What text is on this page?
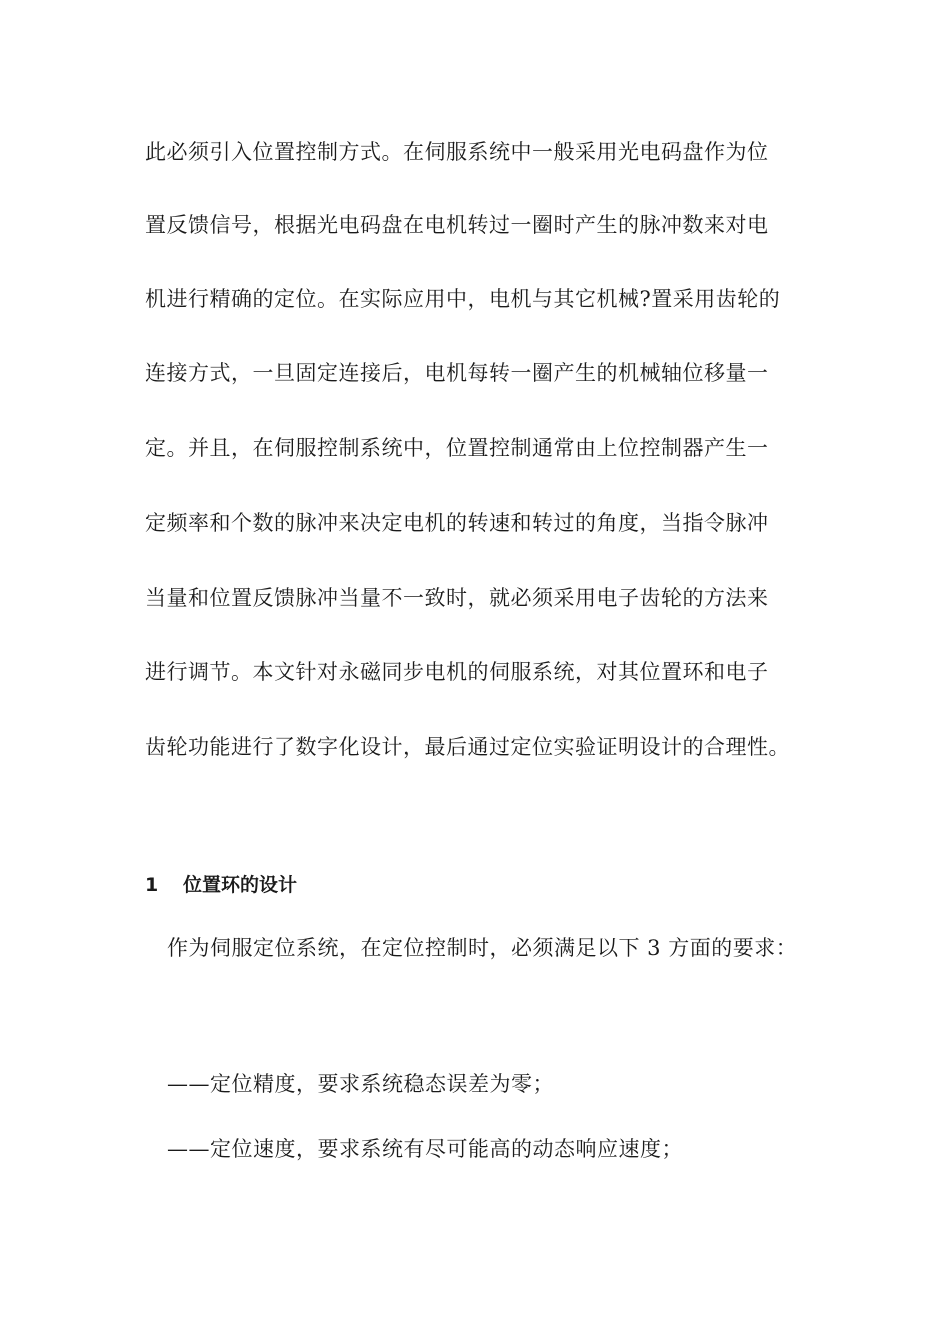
此必须引入位置控制方式。在伺服系统中一般采用光电码盘作为位
置反馈信号，根据光电码盘在电机转过一圈时产生的脉冲数来对电
机进行精确的定位。在实际应用中，电机与其它机械?置采用齿轮的
连接方式，一旦固定连接后，电机每转一圈产生的机械轴位移量一
定。并且，在伺服控制系统中，位置控制通常由上位控制器产生一
定频率和个数的脉冲来决定电机的转速和转过的角度，当指令脉冲
当量和位置反馈脉冲当量不一致时，就必须采用电子齿轮的方法来
进行调节。本文针对永磁同步电机的伺服系统，对其位置环和电子
齿轮功能进行了数字化设计，最后通过定位实验证明设计的合理性。
1 位置环的设计
作为伺服定位系统，在定位控制时，必须满足以下 3 方面的要求：
——定位精度，要求系统稳态误差为零；
——定位速度，要求系统有尽可能高的动态响应速度；
